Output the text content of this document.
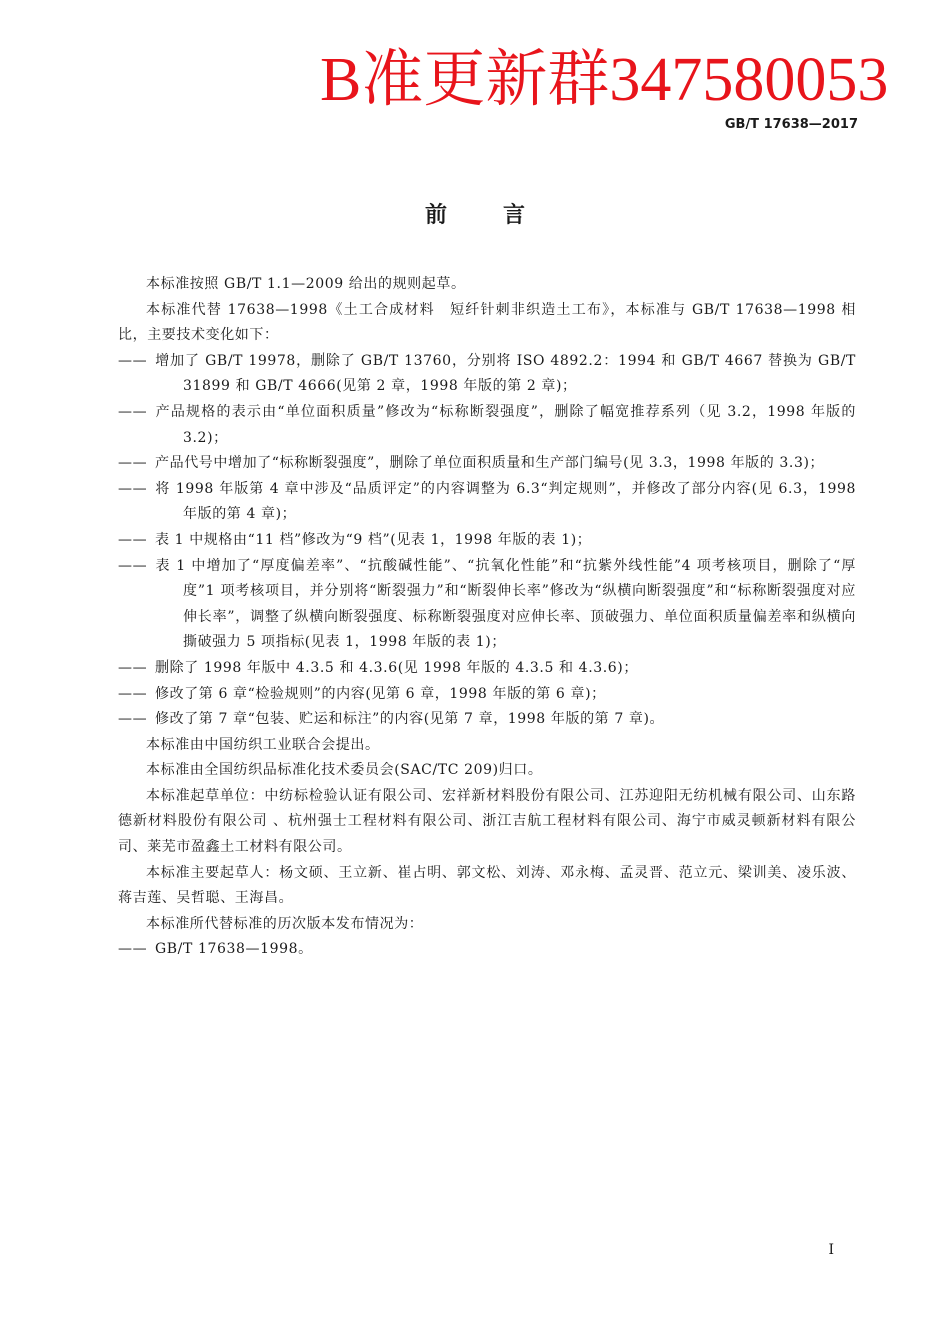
B准更新群347580053
GB/T 17638—2017
前言

本标准按照 GB/T 1.1—2009 给出的规则起草。

本标准代替 17638—1998《土工合成材料　短纤针刺非织造土工布》，本标准与 GB/T 17638—1998 相比，主要技术变化如下：

—— 增加了 GB/T 19978，删除了 GB/T 13760，分别将 ISO 4892.2：1994 和 GB/T 4667 替换为 GB/T 31899 和 GB/T 4666(见第 2 章，1998 年版的第 2 章)；

—— 产品规格的表示由“单位面积质量”修改为“标称断裂强度”，删除了幅宽推荐系列（见 3.2，1998 年版的 3.2)；

—— 产品代号中增加了“标称断裂强度”，删除了单位面积质量和生产部门编号(见 3.3，1998 年版的 3.3)；

—— 将 1998 年版第 4 章中涉及“品质评定”的内容调整为 6.3“判定规则”，并修改了部分内容(见 6.3，1998 年版的第 4 章)；

—— 表 1 中规格由“11 档”修改为“9 档”(见表 1，1998 年版的表 1)；

—— 表 1 中增加了“厚度偏差率”、“抗酸碱性能”、“抗氧化性能”和“抗紫外线性能”4 项考核项目，删除了“厚度”1 项考核项目，并分别将“断裂强力”和“断裂伸长率”修改为“纵横向断裂强度”和“标称断裂强度对应伸长率”，调整了纵横向断裂强度、标称断裂强度对应伸长率、顶破强力、单位面积质量偏差率和纵横向撕破强力 5 项指标(见表 1，1998 年版的表 1)；

—— 删除了 1998 年版中 4.3.5 和 4.3.6(见 1998 年版的 4.3.5 和 4.3.6)；

—— 修改了第 6 章“检验规则”的内容(见第 6 章，1998 年版的第 6 章)；

—— 修改了第 7 章“包装、贮运和标注”的内容(见第 7 章，1998 年版的第 7 章)。

本标准由中国纺织工业联合会提出。

本标准由全国纺织品标准化技术委员会(SAC/TC 209)归口。

本标准起草单位：中纺标检验认证有限公司、宏祥新材料股份有限公司、江苏迎阳无纺机械有限公司、山东路德新材料股份有限公司 、杭州强士工程材料有限公司、浙江吉航工程材料有限公司、海宁市威灵顿新材料有限公司、莱芜市盈鑫土工材料有限公司。

本标准主要起草人：杨文硕、王立新、崔占明、郭文松、刘涛、邓永梅、孟灵晋、范立元、梁训美、凌乐波、蒋吉莲、吴哲聪、王海昌。

本标准所代替标准的历次版本发布情况为：

—— GB/T 17638—1998。

I
